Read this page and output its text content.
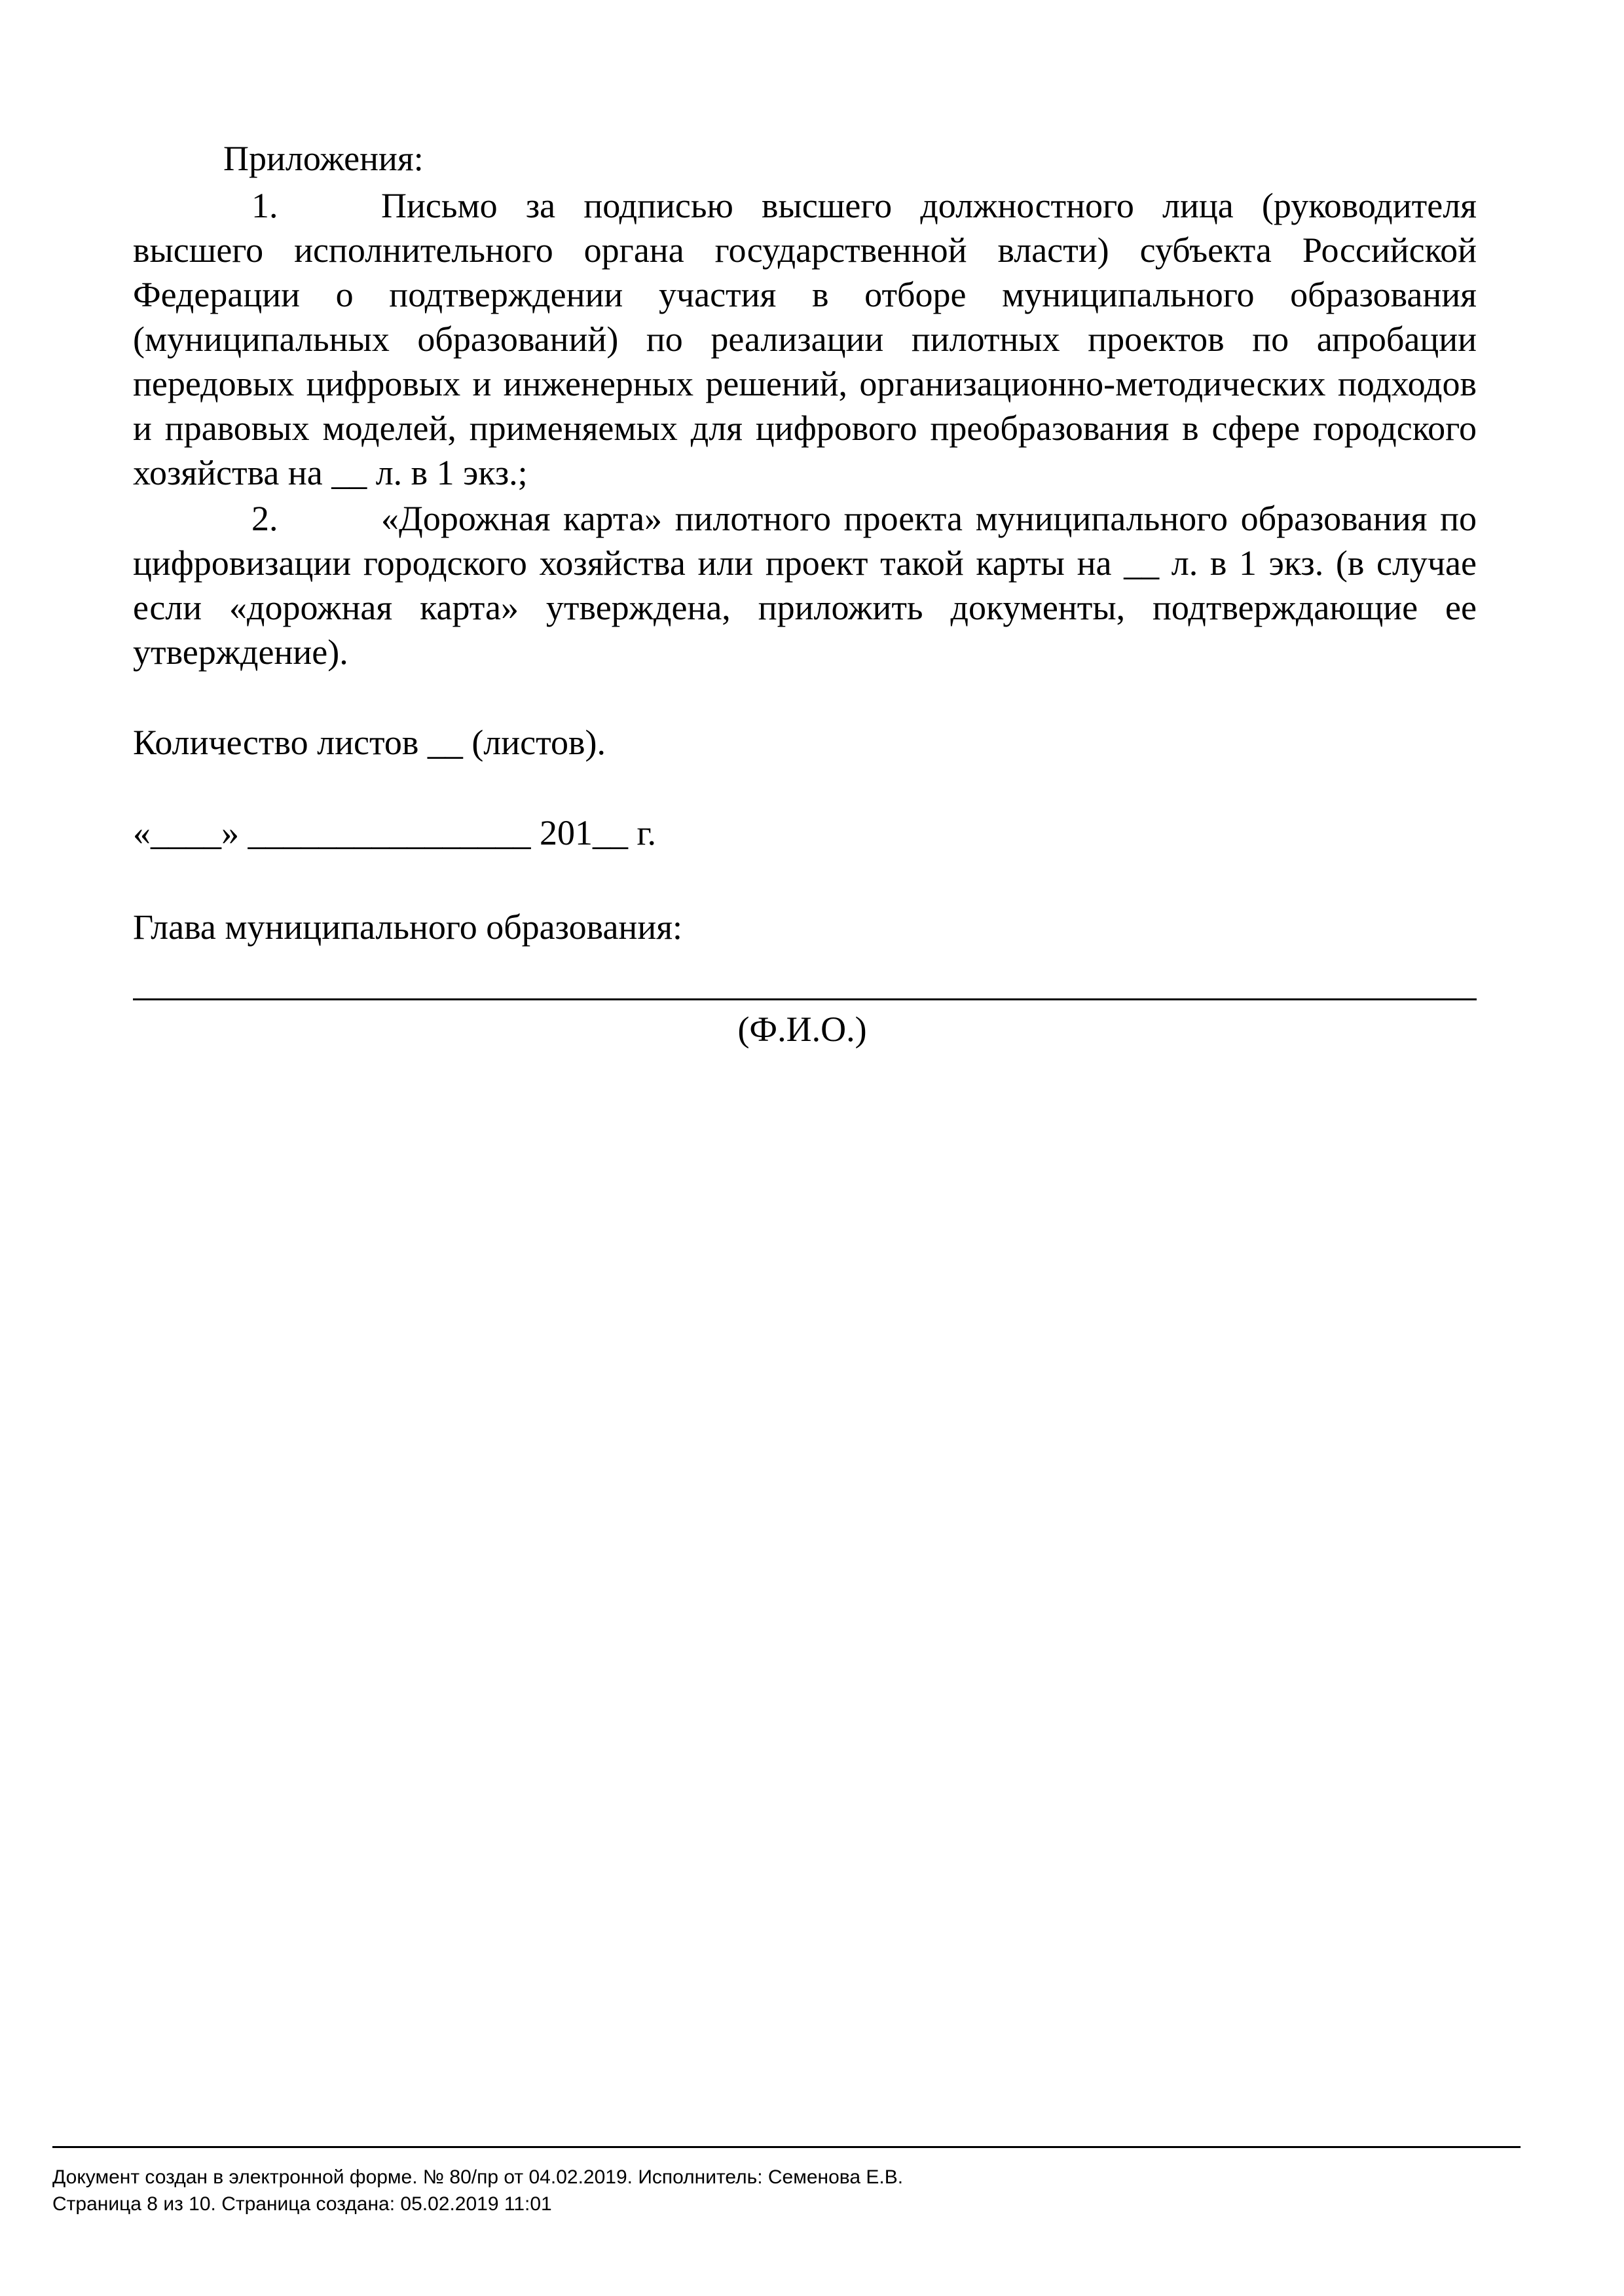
Приложения:
1.	Письмо за подписью высшего должностного лица (руководителя высшего исполнительного органа государственной власти) субъекта Российской Федерации о подтверждении участия в отборе муниципального образования (муниципальных образований) по реализации пилотных проектов по апробации передовых цифровых и инженерных решений, организационно-методических подходов и правовых моделей, применяемых для цифрового преобразования в сфере городского хозяйства на __ л. в 1 экз.;
2.	«Дорожная карта» пилотного проекта муниципального образования по цифровизации городского хозяйства или проект такой карты на __ л. в 1 экз. (в случае если «дорожная карта» утверждена, приложить документы, подтверждающие ее утверждение).
Количество листов __ (листов).
«____» ________________ 201__ г.
Глава муниципального образования:
(Ф.И.О.)
Документ создан в электронной форме. № 80/пр от 04.02.2019. Исполнитель: Семенова Е.В.
Страница 8 из 10. Страница создана: 05.02.2019 11:01
